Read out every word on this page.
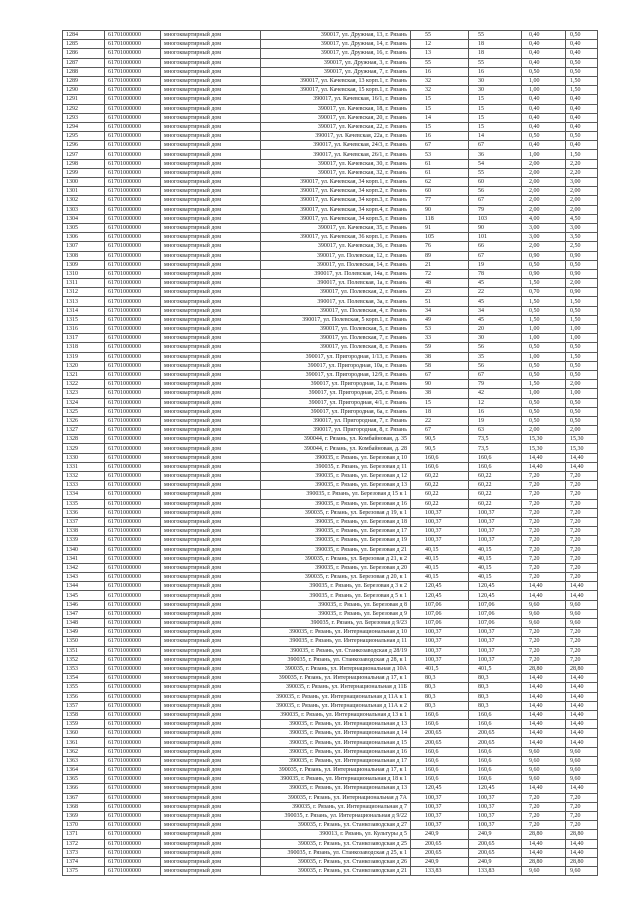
1284	61701000000	многоквартирный дом	390017, ул. Дружная, 13, г. Рязань	55	55	0,40	0,50
1285	61701000000	многоквартирный дом	390017, ул. Дружная, 14, г. Рязань	12	18	0,40	0,40
1286	61701000000	многоквартирный дом	390017, ул. Дружная, 16, г. Рязань	13	18	0,40	0,40
1287	61701000000	многоквартирный дом	390017, ул. Дружная, 3, г. Рязань	55	55	0,40	0,50
1288	61701000000	многоквартирный дом	390017, ул. Дружная, 7, г. Рязань	16	16	0,50	0,50
1289	61701000000	многоквартирный дом	390017, ул. Качевская, 13 корп.1, г. Рязань	32	30	1,00	1,50
1290	61701000000	многоквартирный дом	390017, ул. Качевская, 15 корп.1, г. Рязань	32	30	1,00	1,50
1291	61701000000	многоквартирный дом	390017, ул. Качевская, 16/1, г. Рязань	15	15	0,40	0,40
1292	61701000000	многоквартирный дом	390017, ул. Качевская, 18, г. Рязань	15	15	0,40	0,40
1293	61701000000	многоквартирный дом	390017, ул. Качевская, 20, г. Рязань	14	15	0,40	0,40
1294	61701000000	многоквартирный дом	390017, ул. Качевская, 22, г. Рязань	15	15	0,40	0,40
1295	61701000000	многоквартирный дом	390017, ул. Качевская, 22а, г. Рязань	16	14	0,50	0,50
1296	61701000000	многоквартирный дом	390017, ул. Качевская, 24/3, г. Рязань	67	67	0,40	0,40
1297	61701000000	многоквартирный дом	390017, ул. Качевская, 26/1, г. Рязань	53	36	1,00	1,50
1298	61701000000	многоквартирный дом	390017, ул. Качевская, 30, г. Рязань	61	54	2,00	2,20
1299	61701000000	многоквартирный дом	390017, ул. Качевская, 32, г. Рязань	61	55	2,00	2,20
1300	61701000000	многоквартирный дом	390017, ул. Качевская, 34 корп.1, г. Рязань	62	60	2,00	3,00
1301	61701000000	многоквартирный дом	390017, ул. Качевская, 34 корп.2, г. Рязань	60	56	2,00	2,00
1302	61701000000	многоквартирный дом	390017, ул. Качевская, 34 корп.3, г. Рязань	77	67	2,00	2,00
1303	61701000000	многоквартирный дом	390017, ул. Качевская, 34 корп.4, г. Рязань	90	79	2,00	2,00
1304	61701000000	многоквартирный дом	390017, ул. Качевская, 34 корп.5, г. Рязань	118	103	4,00	4,50
1305	61701000000	многоквартирный дом	390017, ул. Качевская, 35, г. Рязань	91	90	3,00	3,00
1306	61701000000	многоквартирный дом	390017, ул. Качевская, 36 корп.1, г. Рязань	105	101	3,00	3,50
1307	61701000000	многоквартирный дом	390017, ул. Качевская, 36, г. Рязань	76	66	2,00	2,50
1308	61701000000	многоквартирный дом	390017, ул. Полевская, 12, г. Рязань	89	67	0,90	0,90
1309	61701000000	многоквартирный дом	390017, ул. Полевская, 14, г. Рязань	21	19	0,50	0,50
1310	61701000000	многоквартирный дом	390017, ул. Полевская, 14а, г. Рязань	72	78	0,90	0,90
1311	61701000000	многоквартирный дом	390017, ул. Полевская, 1а, г. Рязань	48	45	1,50	2,00
1312	61701000000	многоквартирный дом	390017, ул. Полевская, 2, г. Рязань	23	22	0,70	0,90
1313	61701000000	многоквартирный дом	390017, ул. Полевская, 3а, г. Рязань	51	45	1,50	1,50
1314	61701000000	многоквартирный дом	390017, ул. Полевская, 4, г. Рязань	34	34	0,50	0,50
1315	61701000000	многоквартирный дом	390017, ул. Полевская, 5 корп.1, г. Рязань	49	45	1,50	1,50
1316	61701000000	многоквартирный дом	390017, ул. Полевская, 5, г. Рязань	53	20	1,00	1,00
1317	61701000000	многоквартирный дом	390017, ул. Полевская, 7, г. Рязань	33	30	1,00	1,00
1318	61701000000	многоквартирный дом	390017, ул. Полевская, 8, г. Рязань	59	56	0,50	0,50
1319	61701000000	многоквартирный дом	390017, ул. Пригородная, 1/13, г. Рязань	38	35	1,00	1,50
1320	61701000000	многоквартирный дом	390017, ул. Пригородная, 10а, г. Рязань	58	56	0,50	0,50
1321	61701000000	многоквартирный дом	390017, ул. Пригородная, 12/9, г. Рязань	67	67	0,50	0,50
1322	61701000000	многоквартирный дом	390017, ул. Пригородная, 1а, г. Рязань	90	79	1,50	2,00
1323	61701000000	многоквартирный дом	390017, ул. Пригородная, 2/5, г. Рязань	38	42	1,00	1,00
1324	61701000000	многоквартирный дом	390017, ул. Пригородная, 4/1, г. Рязань	15	12	0,50	0,50
1325	61701000000	многоквартирный дом	390017, ул. Пригородная, 6а, г. Рязань	18	16	0,50	0,50
1326	61701000000	многоквартирный дом	390017, ул. Пригородная, 7, г. Рязань	22	19	0,50	0,50
1327	61701000000	многоквартирный дом	390017, ул. Пригородная, 8, г. Рязань	67	63	2,00	2,00
1328	61701000000	многоквартирный дом	390044, г. Рязань, ул. Комбайновая, д. 35	90,5	73,5	15,30	15,30
1329	61701000000	многоквартирный дом	390044, г. Рязань, ул. Комбайновая, д. 28	90,5	73,5	15,30	15,30
1330	61701000000	многоквартирный дом	390035, г. Рязань, ул. Березовая д 10	160,6	160,6	14,40	14,40
1331	61701000000	многоквартирный дом	390035, г. Рязань, ул. Березовая д 11	160,6	160,6	14,40	14,40
1332	61701000000	многоквартирный дом	390035, г. Рязань, ул. Березовая д 12	60,22	60,22	7,20	7,20
1333	61701000000	многоквартирный дом	390035, г. Рязань, ул. Березовая д 13	60,22	60,22	7,20	7,20
1334	61701000000	многоквартирный дом	390035, г. Рязань, ул. Березовая д 15 к 1	60,22	60,22	7,20	7,20
1335	61701000000	многоквартирный дом	390035, г. Рязань, ул. Березовая д 16	60,22	60,22	7,20	7,20
1336	61701000000	многоквартирный дом	390035, г. Рязань, ул. Березовая д 19, к 1	100,37	100,37	7,20	7,20
1337	61701000000	многоквартирный дом	390035, г. Рязань, ул. Березовая д 18	100,37	100,37	7,20	7,20
1338	61701000000	многоквартирный дом	390035, г. Рязань, ул. Березовая д 17	100,37	100,37	7,20	7,20
1339	61701000000	многоквартирный дом	390035, г. Рязань, ул. Березовая д 19	100,37	100,37	7,20	7,20
1340	61701000000	многоквартирный дом	390035, г. Рязань, ул. Березовая д 21	40,15	40,15	7,20	7,20
1341	61701000000	многоквартирный дом	390035, г. Рязань, ул. Березовая д 21, к 2	40,15	40,15	7,20	7,20
1342	61701000000	многоквартирный дом	390035, г. Рязань, ул. Березовая д 20	40,15	40,15	7,20	7,20
1343	61701000000	многоквартирный дом	390035, г. Рязань, ул. Березовая д 20, к 1	40,15	40,15	7,20	7,20
1344	61701000000	многоквартирный дом	390035, г. Рязань, ул. Березовая д 3 к 2	120,45	120,45	14,40	14,40
1345	61701000000	многоквартирный дом	390035, г. Рязань, ул. Березовая д 5 к 1	120,45	120,45	14,40	14,40
1346	61701000000	многоквартирный дом	390035, г. Рязань, ул. Березовая д 8	107,06	107,06	9,60	9,60
1347	61701000000	многоквартирный дом	390035, г. Рязань, ул. Березовая д 9	107,06	107,06	9,60	9,60
1348	61701000000	многоквартирный дом	390035, г. Рязань, ул. Березовая д 9/23	107,06	107,06	9,60	9,60
1349	61701000000	многоквартирный дом	390035, г. Рязань, ул. Интернациональная д 10	100,37	100,37	7,20	7,20
1350	61701000000	многоквартирный дом	390035, г. Рязань, ул. Интернациональная д 11	100,37	100,37	7,20	7,20
1351	61701000000	многоквартирный дом	390035, г. Рязань, ул. Станкозаводская д 28/19	100,37	100,37	7,20	7,20
1352	61701000000	многоквартирный дом	390035, г. Рязань, ул. Станкозаводская д 28, к 1	100,37	100,37	7,20	7,20
1353	61701000000	многоквартирный дом	390035, г. Рязань, ул. Интернациональная д 10А	401,5	401,5	28,80	28,80
1354	61701000000	многоквартирный дом	390035, г. Рязань, ул. Интернациональная д 17, к 1	80,3	80,3	14,40	14,40
1355	61701000000	многоквартирный дом	390035, г. Рязань, ул. Интернациональная д 11Б	80,3	80,3	14,40	14,40
1356	61701000000	многоквартирный дом	390035, г. Рязань, ул. Интернациональная д 11А к 1	80,3	80,3	14,40	14,40
1357	61701000000	многоквартирный дом	390035, г. Рязань, ул. Интернациональная д 11А к 2	80,3	80,3	14,40	14,40
1358	61701000000	многоквартирный дом	390035, г. Рязань, ул. Интернациональная д 13 к 1	160,6	160,6	14,40	14,40
1359	61701000000	многоквартирный дом	390035, г. Рязань, ул. Интернациональная д 13	160,6	160,6	14,40	14,40
1360	61701000000	многоквартирный дом	390035, г. Рязань, ул. Интернациональная д 14	200,65	200,65	14,40	14,40
1361	61701000000	многоквартирный дом	390035, г. Рязань, ул. Интернациональная д 15	200,65	200,65	14,40	14,40
1362	61701000000	многоквартирный дом	390035, г. Рязань, ул. Интернациональная д 16	160,6	160,6	9,60	9,60
1363	61701000000	многоквартирный дом	390035, г. Рязань, ул. Интернациональная д 17	160,6	160,6	9,60	9,60
1364	61701000000	многоквартирный дом	390035, г. Рязань, ул. Интернациональная д 17, к 1	160,6	160,6	9,60	9,60
1365	61701000000	многоквартирный дом	390035, г. Рязань, ул. Интернациональная д 18 к 1	160,6	160,6	9,60	9,60
1366	61701000000	многоквартирный дом	390035, г. Рязань, ул. Интернациональная д 13	120,45	120,45	14,40	14,40
1367	61701000000	многоквартирный дом	390035, г. Рязань, ул. Интернациональная д 7А	100,37	100,37	7,20	7,20
1368	61701000000	многоквартирный дом	390035, г. Рязань, ул. Интернациональная д 7	100,37	100,37	7,20	7,20
1369	61701000000	многоквартирный дом	390035, г. Рязань, ул. Интернациональная д 9/22	100,37	100,37	7,20	7,20
1370	61701000000	многоквартирный дом	390035, г. Рязань, ул. Станкозаводская д 27	100,37	100,37	7,20	7,20
1371	61701000000	многоквартирный дом	390013, г. Рязань, ул. Культуры д 5	240,9	240,9	28,80	28,80
1372	61701000000	многоквартирный дом	390035, г. Рязань, ул. Станкозаводская д 25	200,65	200,65	14,40	14,40
1373	61701000000	многоквартирный дом	390035, г. Рязань, ул. Станкозаводская д 25, к 1	200,65	200,65	14,40	14,40
1374	61701000000	многоквартирный дом	390035, г. Рязань, ул. Станкозаводская д 26	240,9	240,9	28,80	28,80
1375	61701000000	многоквартирный дом	390035, г. Рязань, ул. Станкозаводская д 21	133,83	133,83	9,60	9,60
